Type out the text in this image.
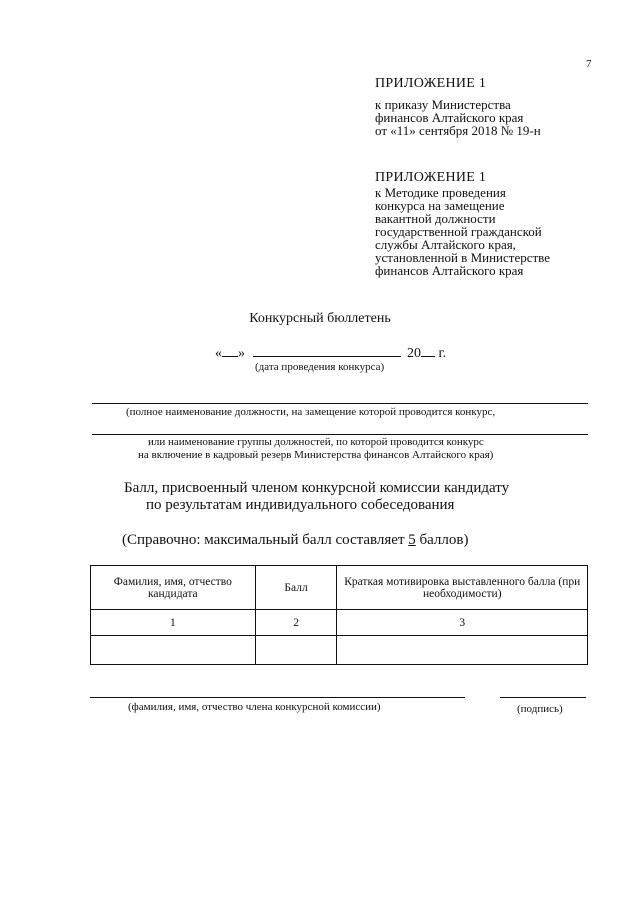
7
ПРИЛОЖЕНИЕ 1
к приказу Министерства
финансов Алтайского края
от «11» сентября 2018 № 19-н
ПРИЛОЖЕНИЕ 1
к Методике проведения
конкурса на замещение
вакантной должности
государственной гражданской
службы Алтайского края,
установленной в Министерстве
финансов Алтайского края
Конкурсный бюллетень
« »	20 г.
(дата проведения конкурса)
(полное наименование должности, на замещение которой проводится конкурс,
или наименование группы должностей, по которой проводится конкурс
на включение в кадровый резерв Министерства финансов Алтайского края)
Балл, присвоенный членом конкурсной комиссии кандидату
по результатам индивидуального собеседования
(Справочно: максимальный балл составляет 5 баллов)
Фамилия, имя, отчество кандидата	Балл	Краткая мотивировка выставленного балла (при необходимости)
1	2	3

(фамилия, имя, отчество члена конкурсной комиссии)	(подпись)
